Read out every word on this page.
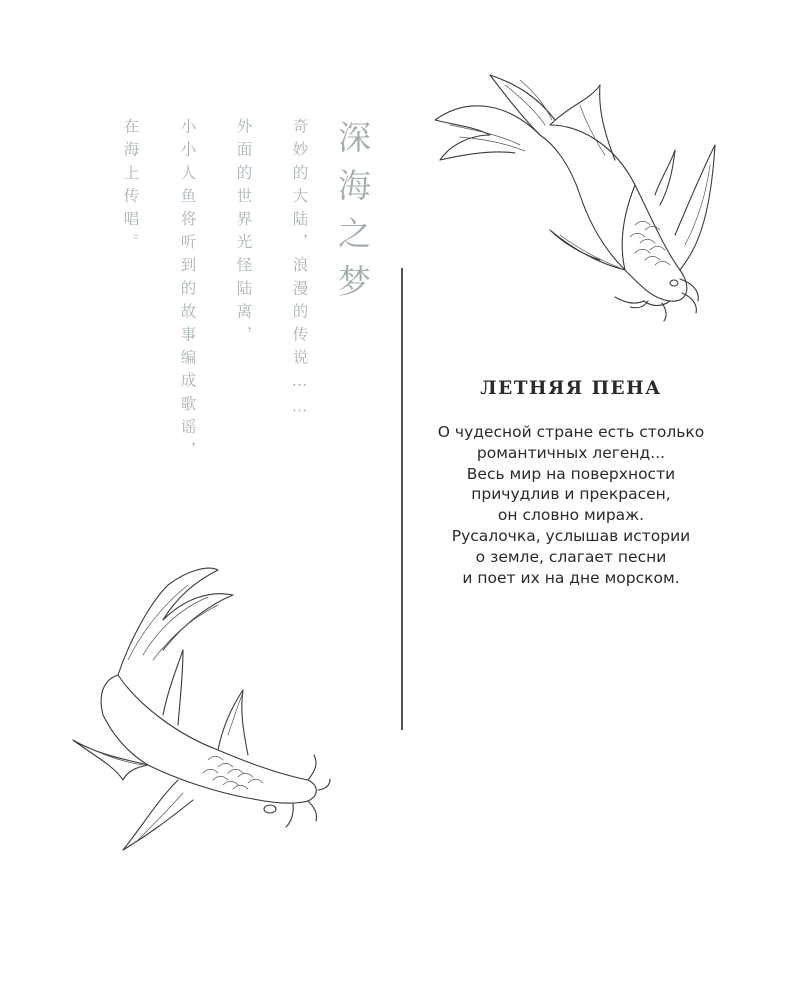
深海之梦
奇妙的大陆，浪漫的传说……
外面的世界光怪陆离，
小小人鱼将听到的故事编成歌谣，
在海上传唱。
ЛЕТНЯЯ ПЕНА
О чудесной стране есть столько
романтичных легенд...
Весь мир на поверхности
причудлив и прекрасен,
он словно мираж.
Русалочка, услышав истории
о земле, слагает песни
и поет их на дне морском.
